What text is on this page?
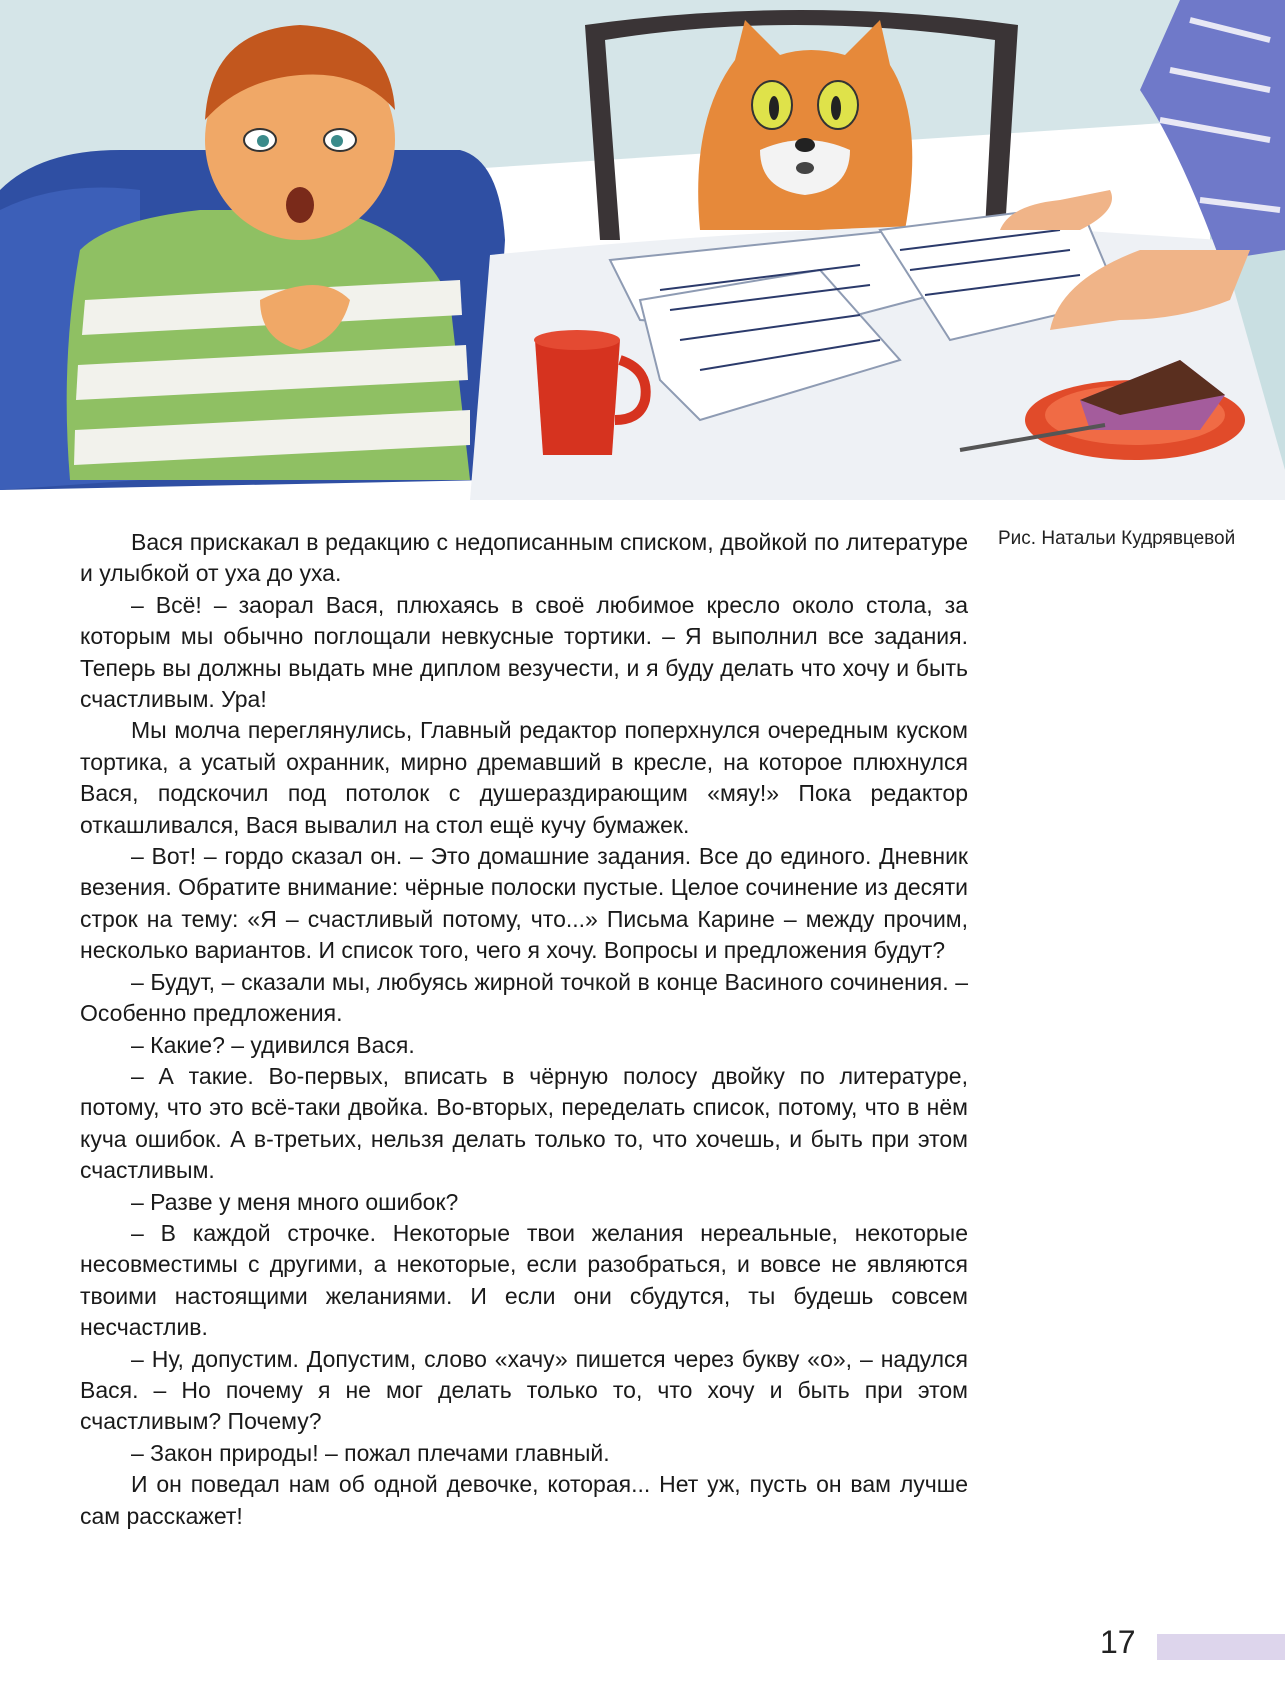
Рис. Натальи Кудрявцевой

Вася прискакал в редакцию с недописанным списком, двойкой по литературе и улыбкой от уха до уха.

– Всё! – заорал Вася, плюхаясь в своё любимое кресло около стола, за которым мы обычно поглощали невкусные тортики. – Я выполнил все задания. Теперь вы должны выдать мне диплом везучести, и я буду делать что хочу и быть счастливым. Ура!

Мы молча переглянулись, Главный редактор поперхнулся очередным куском тортика, а усатый охранник, мирно дремавший в кресле, на которое плюхнулся Вася, подскочил под потолок с душераздирающим «мяу!» Пока редактор откашливался, Вася вывалил на стол ещё кучу бумажек.

– Вот! – гордо сказал он. – Это домашние задания. Все до единого. Дневник везения. Обратите внимание: чёрные полоски пустые. Целое сочинение из десяти строк на тему: «Я – счастливый потому, что...» Письма Карине – между прочим, несколько вариантов. И список того, чего я хочу. Вопросы и предложения будут?

– Будут, – сказали мы, любуясь жирной точкой в конце Васиного сочинения. – Особенно предложения.

– Какие? – удивился Вася.

– А такие. Во-первых, вписать в чёрную полосу двойку по литературе, потому, что это всё-таки двойка. Во-вторых, переделать список, потому, что в нём куча ошибок. А в-третьих, нельзя делать только то, что хочешь, и быть при этом счастливым.

– Разве у меня много ошибок?

– В каждой строчке. Некоторые твои желания нереальные, некоторые несовместимы с другими, а некоторые, если разобраться, и вовсе не являются твоими настоящими желаниями. И если они сбудутся, ты будешь совсем несчастлив.

– Ну, допустим. Допустим, слово «хачу» пишется через букву «о», – надулся Вася. – Но почему я не мог делать только то, что хочу и быть при этом счастливым? Почему?

– Закон природы! – пожал плечами главный.

И он поведал нам об одной девочке, которая... Нет уж, пусть он вам лучше сам расскажет!

17
